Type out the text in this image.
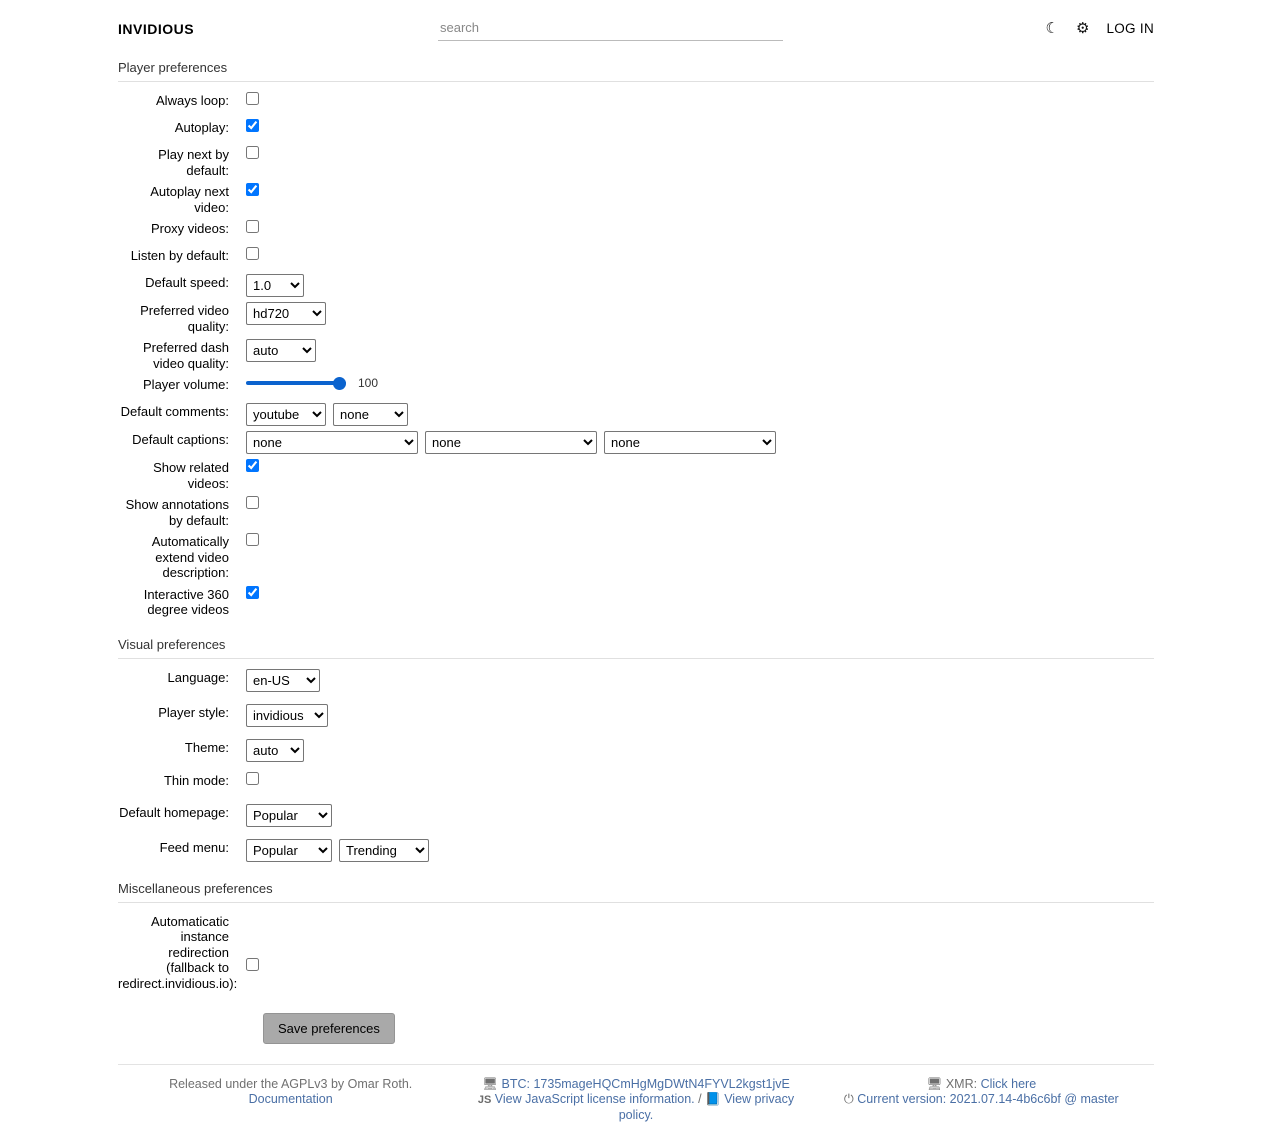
INVIDIOUS
search	☾ ⚙ LOG IN
Player preferences
Always loop:
Autoplay:
Play next by default:
Autoplay next video:
Proxy videos:
Listen by default:
Default speed:
1.0
Preferred video quality:
hd720
Preferred dash video quality:
auto
Player volume:	100
Default comments:
youtube
none
Default captions:
none
none
none
Show related videos:
Show annotations by default:
Automatically extend video description:
Interactive 360 degree videos
Visual preferences
Language:
en-US
Player style:
invidious
Theme:
auto
Thin mode:
Default homepage:
Popular
Feed menu:
Popular
Trending
Miscellaneous preferences
Automaticatic instance redirection (fallback to redirect.invidious.io):
Save preferences
Released under the AGPLv3 by Omar Roth.
Documentation
🖥 BTC: 1735mageHQCmHgMgDWtN4FYVL2kgst1jvE
JS View JavaScript license information. / 📘 View privacy policy.
🖥 XMR: Click here
⏻ Current version: 2021.07.14-4b6c6bf @ master
